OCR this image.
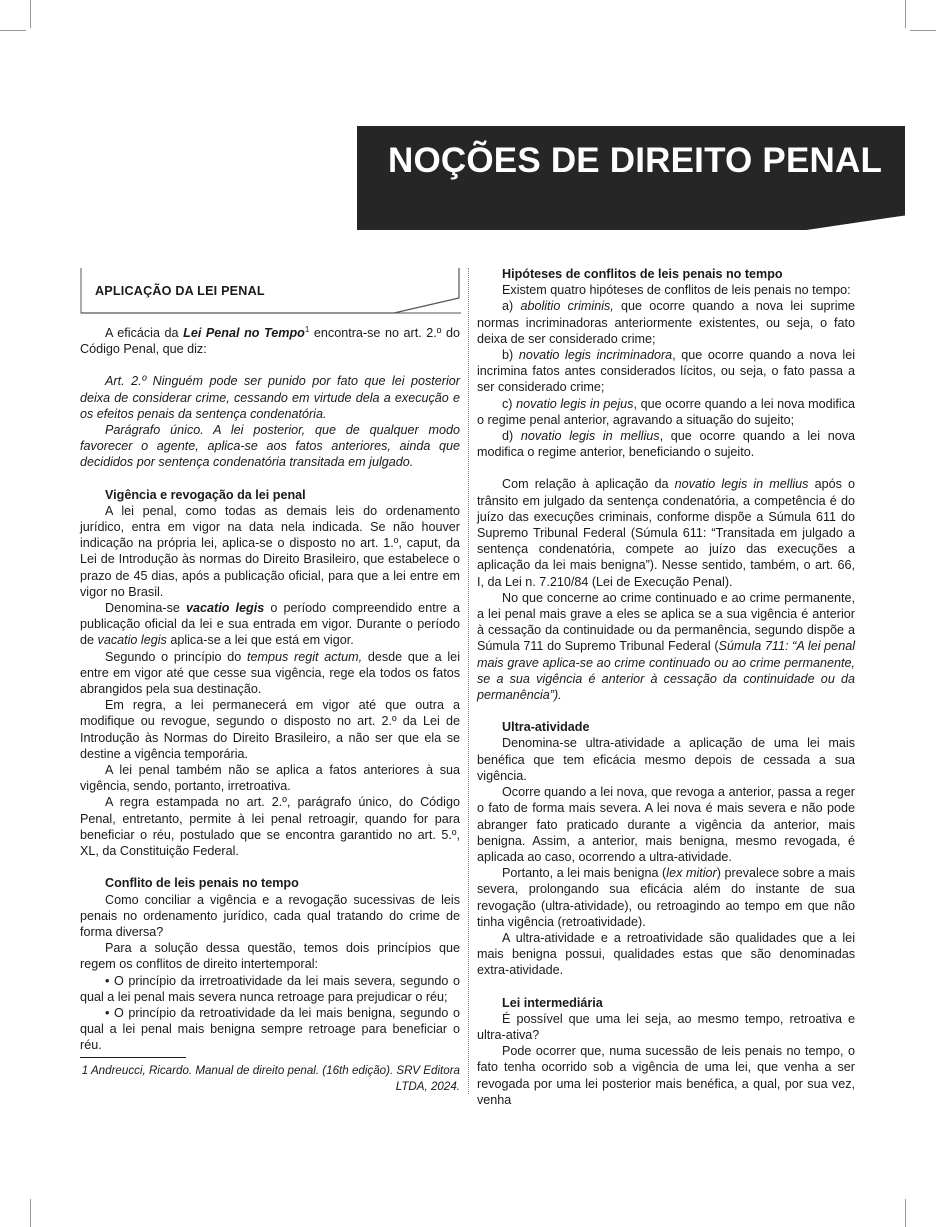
NOÇÕES DE DIREITO PENAL

APLICAÇÃO DA LEI PENAL

A eficácia da Lei Penal no Tempo$^1$ encontra-se no art. 2.º do Código Penal, que diz:

Art. 2.º Ninguém pode ser punido por fato que lei posterior deixa de considerar crime, cessando em virtude dela a execução e os efeitos penais da sentença condenatória.

Parágrafo único. A lei posterior, que de qualquer modo favorecer o agente, aplica-se aos fatos anteriores, ainda que decididos por sentença condenatória transitada em julgado.

Vigência e revogação da lei penal

A lei penal, como todas as demais leis do ordenamento jurídico, entra em vigor na data nela indicada. Se não houver indicação na própria lei, aplica-se o disposto no art. 1.º, caput, da Lei de Introdução às normas do Direito Brasileiro, que estabelece o prazo de 45 dias, após a publicação oficial, para que a lei entre em vigor no Brasil.

Denomina-se vacatio legis o período compreendido entre a publicação oficial da lei e sua entrada em vigor. Durante o período de vacatio legis aplica-se a lei que está em vigor.

Segundo o princípio do tempus regit actum, desde que a lei entre em vigor até que cesse sua vigência, rege ela todos os fatos abrangidos pela sua destinação.

Em regra, a lei permanecerá em vigor até que outra a modifique ou revogue, segundo o disposto no art. 2.º da Lei de Introdução às Normas do Direito Brasileiro, a não ser que ela se destine a vigência temporária.

A lei penal também não se aplica a fatos anteriores à sua vigência, sendo, portanto, irretroativa.

A regra estampada no art. 2.º, parágrafo único, do Código Penal, entretanto, permite à lei penal retroagir, quando for para beneficiar o réu, postulado que se encontra garantido no art. 5.º, XL, da Constituição Federal.

Conflito de leis penais no tempo

Como conciliar a vigência e a revogação sucessivas de leis penais no ordenamento jurídico, cada qual tratando do crime de forma diversa?

Para a solução dessa questão, temos dois princípios que regem os conflitos de direito intertemporal:

• O princípio da irretroatividade da lei mais severa, segundo o qual a lei penal mais severa nunca retroage para prejudicar o réu;

• O princípio da retroatividade da lei mais benigna, segundo o qual a lei penal mais benigna sempre retroage para beneficiar o réu.

1 Andreucci, Ricardo. Manual de direito penal. (16th edição). SRV Editora LTDA, 2024.

Hipóteses de conflitos de leis penais no tempo

Existem quatro hipóteses de conflitos de leis penais no tempo:

a) abolitio criminis, que ocorre quando a nova lei suprime normas incriminadoras anteriormente existentes, ou seja, o fato deixa de ser considerado crime;

b) novatio legis incriminadora, que ocorre quando a nova lei incrimina fatos antes considerados lícitos, ou seja, o fato passa a ser considerado crime;

c) novatio legis in pejus, que ocorre quando a lei nova modifica o regime penal anterior, agravando a situação do sujeito;

d) novatio legis in mellius, que ocorre quando a lei nova modifica o regime anterior, beneficiando o sujeito.

Com relação à aplicação da novatio legis in mellius após o trânsito em julgado da sentença condenatória, a competência é do juízo das execuções criminais, conforme dispõe a Súmula 611 do Supremo Tribunal Federal (Súmula 611: “Transitada em julgado a sentença condenatória, compete ao juízo das execuções a aplicação da lei mais benigna”). Nesse sentido, também, o art. 66, I, da Lei n. 7.210/84 (Lei de Execução Penal).

No que concerne ao crime continuado e ao crime permanente, a lei penal mais grave a eles se aplica se a sua vigência é anterior à cessação da continuidade ou da permanência, segundo dispõe a Súmula 711 do Supremo Tribunal Federal (Súmula 711: “A lei penal mais grave aplica-se ao crime continuado ou ao crime permanente, se a sua vigência é anterior à cessação da continuidade ou da permanência”).

Ultra-atividade

Denomina-se ultra-atividade a aplicação de uma lei mais benéfica que tem eficácia mesmo depois de cessada a sua vigência.

Ocorre quando a lei nova, que revoga a anterior, passa a reger o fato de forma mais severa. A lei nova é mais severa e não pode abranger fato praticado durante a vigência da anterior, mais benigna. Assim, a anterior, mais benigna, mesmo revogada, é aplicada ao caso, ocorrendo a ultra-atividade.

Portanto, a lei mais benigna (lex mitior) prevalece sobre a mais severa, prolongando sua eficácia além do instante de sua revogação (ultra-atividade), ou retroagindo ao tempo em que não tinha vigência (retroatividade).

A ultra-atividade e a retroatividade são qualidades que a lei mais benigna possui, qualidades estas que são denominadas extra-atividade.

Lei intermediária

É possível que uma lei seja, ao mesmo tempo, retroativa e ultra-ativa?

Pode ocorrer que, numa sucessão de leis penais no tempo, o fato tenha ocorrido sob a vigência de uma lei, que venha a ser revogada por uma lei posterior mais benéfica, a qual, por sua vez, venha
